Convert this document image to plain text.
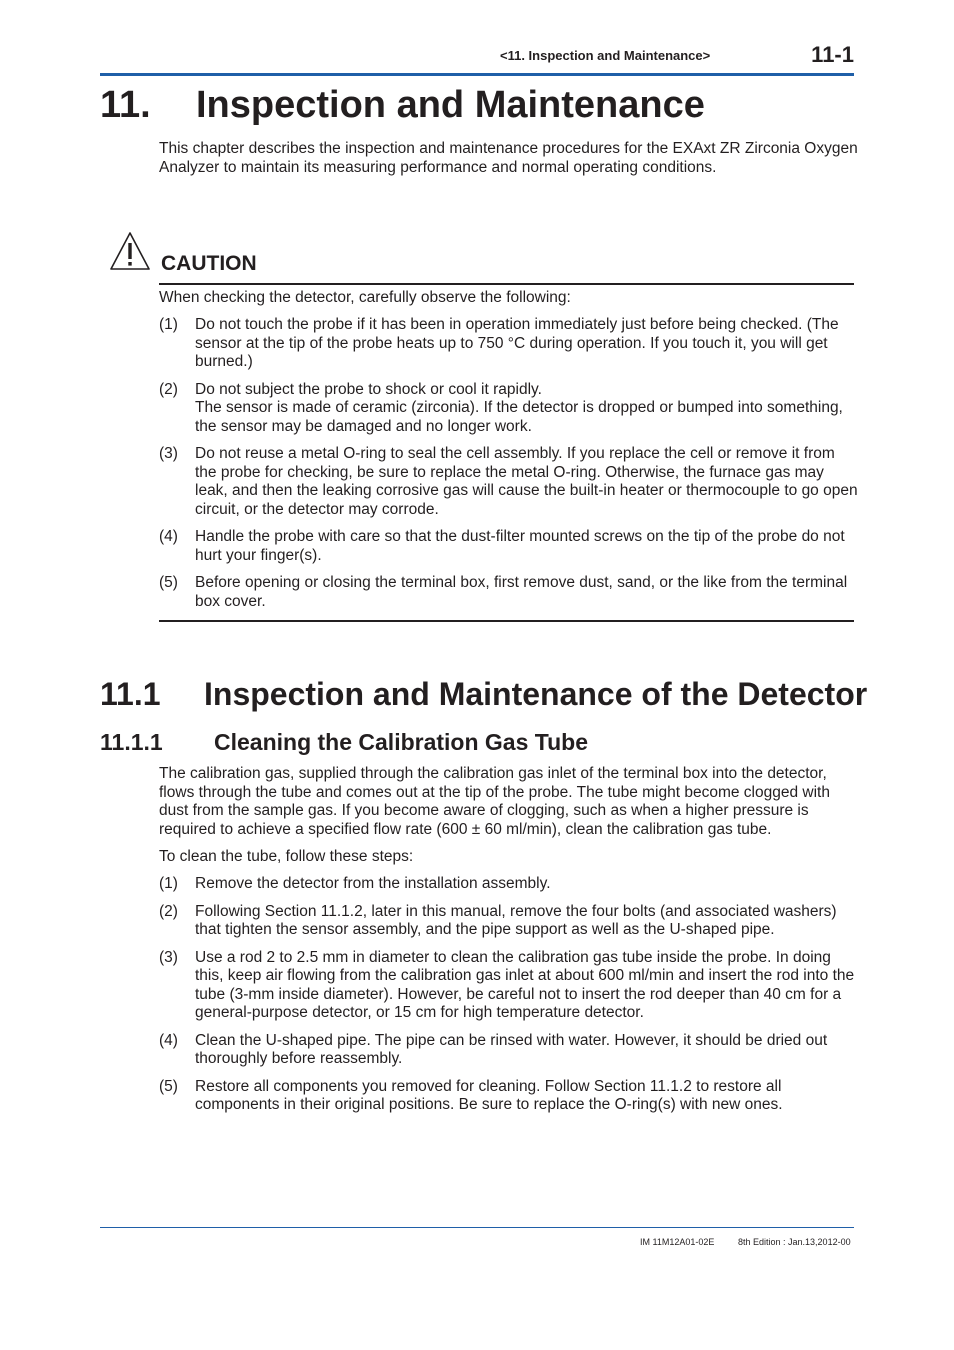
<11. Inspection and Maintenance>	11-1
11. Inspection and Maintenance
This chapter describes the inspection and maintenance procedures for the EXAxt ZR Zirconia Oxygen Analyzer to maintain its measuring performance and normal operating conditions.
CAUTION
When checking the detector, carefully observe the following:
(1) Do not touch the probe if it has been in operation immediately just before being checked. (The sensor at the tip of the probe heats up to 750 °C during operation. If you touch it, you will get burned.)
(2) Do not subject the probe to shock or cool it rapidly.
The sensor is made of ceramic (zirconia). If the detector is dropped or bumped into something, the sensor may be damaged and no longer work.
(3) Do not reuse a metal O-ring to seal the cell assembly. If you replace the cell or remove it from the probe for checking, be sure to replace the metal O-ring. Otherwise, the furnace gas may leak, and then the leaking corrosive gas will cause the built-in heater or thermocouple to go open circuit, or the detector may corrode.
(4) Handle the probe with care so that the dust-filter mounted screws on the tip of the probe do not hurt your finger(s).
(5) Before opening or closing the terminal box, first remove dust, sand, or the like from the terminal box cover.
11.1 Inspection and Maintenance of the Detector
11.1.1 Cleaning the Calibration Gas Tube
The calibration gas, supplied through the calibration gas inlet of the terminal box into the detector, flows through the tube and comes out at the tip of the probe. The tube might become clogged with dust from the sample gas. If you become aware of clogging, such as when a higher pressure is required to achieve a specified flow rate (600 ± 60 ml/min), clean the calibration gas tube.
To clean the tube, follow these steps:
(1) Remove the detector from the installation assembly.
(2) Following Section 11.1.2, later in this manual, remove the four bolts (and associated washers) that tighten the sensor assembly, and the pipe support as well as the U-shaped pipe.
(3) Use a rod 2 to 2.5 mm in diameter to clean the calibration gas tube inside the probe. In doing this, keep air flowing from the calibration gas inlet at about 600 ml/min and insert the rod into the tube (3-mm inside diameter). However, be careful not to insert the rod deeper than 40 cm for a general-purpose detector, or 15 cm for high temperature detector.
(4) Clean the U-shaped pipe. The pipe can be rinsed with water. However, it should be dried out thoroughly before reassembly.
(5) Restore all components you removed for cleaning. Follow Section 11.1.2 to restore all components in their original positions. Be sure to replace the O-ring(s) with new ones.
IM 11M12A01-02E	8th Edition : Jan.13,2012-00
